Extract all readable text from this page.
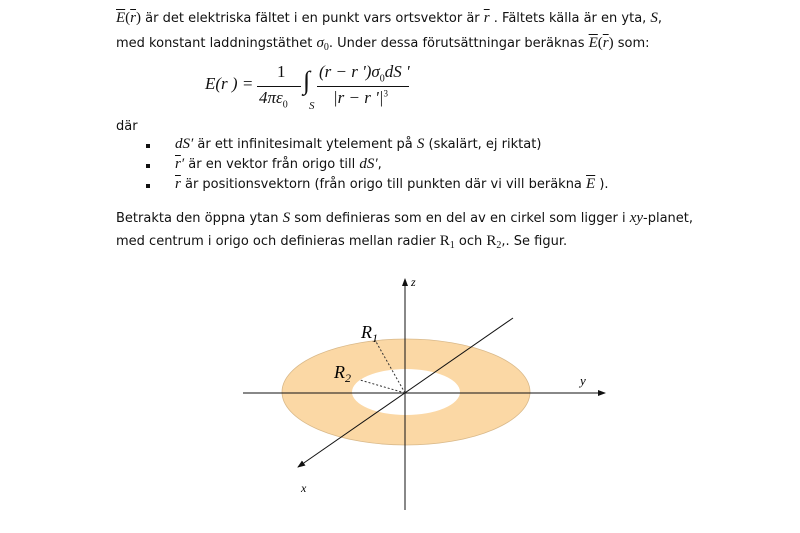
$\overline{E}(\overline{r})$ är det elektriska fältet i en punkt vars ortsvektor är $\overline{r}$ . Fältets källa är en yta, S,
med konstant laddningstäthet $\sigma_0$. Under dessa förutsättningar beräknas $\overline{E}(\overline{r})$ som:
där
dS′ är ett infinitesimalt ytelement på S (skalärt, ej riktat)
$\overline{r}'$ är en vektor från origo till dS′,
$\overline{r}$ är positionsvektorn (från origo till punkten där vi vill beräkna $\overline{E}$ ).
Betrakta den öppna ytan S som definieras som en del av en cirkel som ligger i xy-planet,
med centrum i origo och definieras mellan radier $R_1$ och $R_2$,. Se figur.
E(r ) =
1
$4\pi\varepsilon_0$
∫
S
(r − r ')$\sigma_0dS$ '
|r − r '$|^3$
z
y
x
$R_1$
$R_2$
